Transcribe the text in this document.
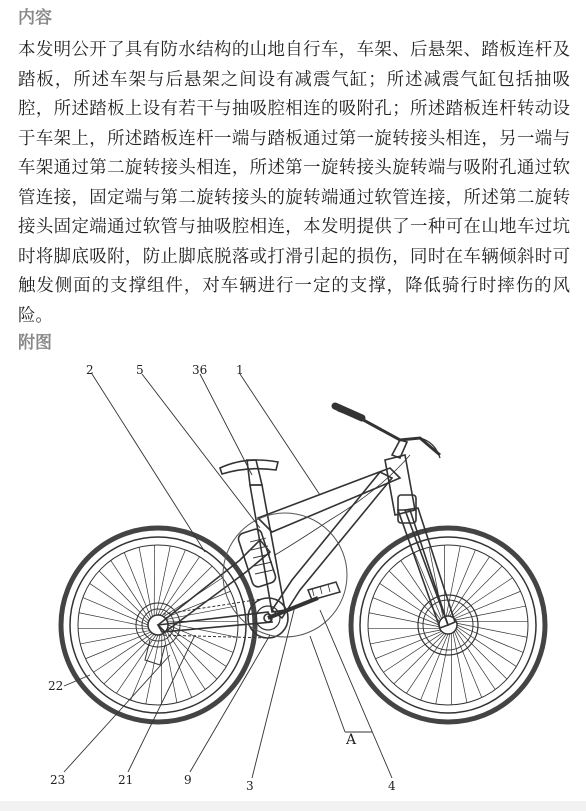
内容

本发明公开了具有防水结构的山地自行车，车架、后悬架、踏板连杆及踏板，所述车架与后悬架之间设有减震气缸；所述减震气缸包括抽吸腔，所述踏板上设有若干与抽吸腔相连的吸附孔；所述踏板连杆转动设于车架上，所述踏板连杆一端与踏板通过第一旋转接头相连，另一端与车架通过第二旋转接头相连，所述第一旋转接头旋转端与吸附孔通过软管连接，固定端与第二旋转接头的旋转端通过软管连接，所述第二旋转接头固定端通过软管与抽吸腔相连，本发明提供了一种可在山地车过坑时将脚底吸附，防止脚底脱落或打滑引起的损伤，同时在车辆倾斜时可触发侧面的支撑组件，对车辆进行一定的支撑，降低骑行时摔伤的风险。

附图
2	5	36 1
22
23	21	9	3	4
A
